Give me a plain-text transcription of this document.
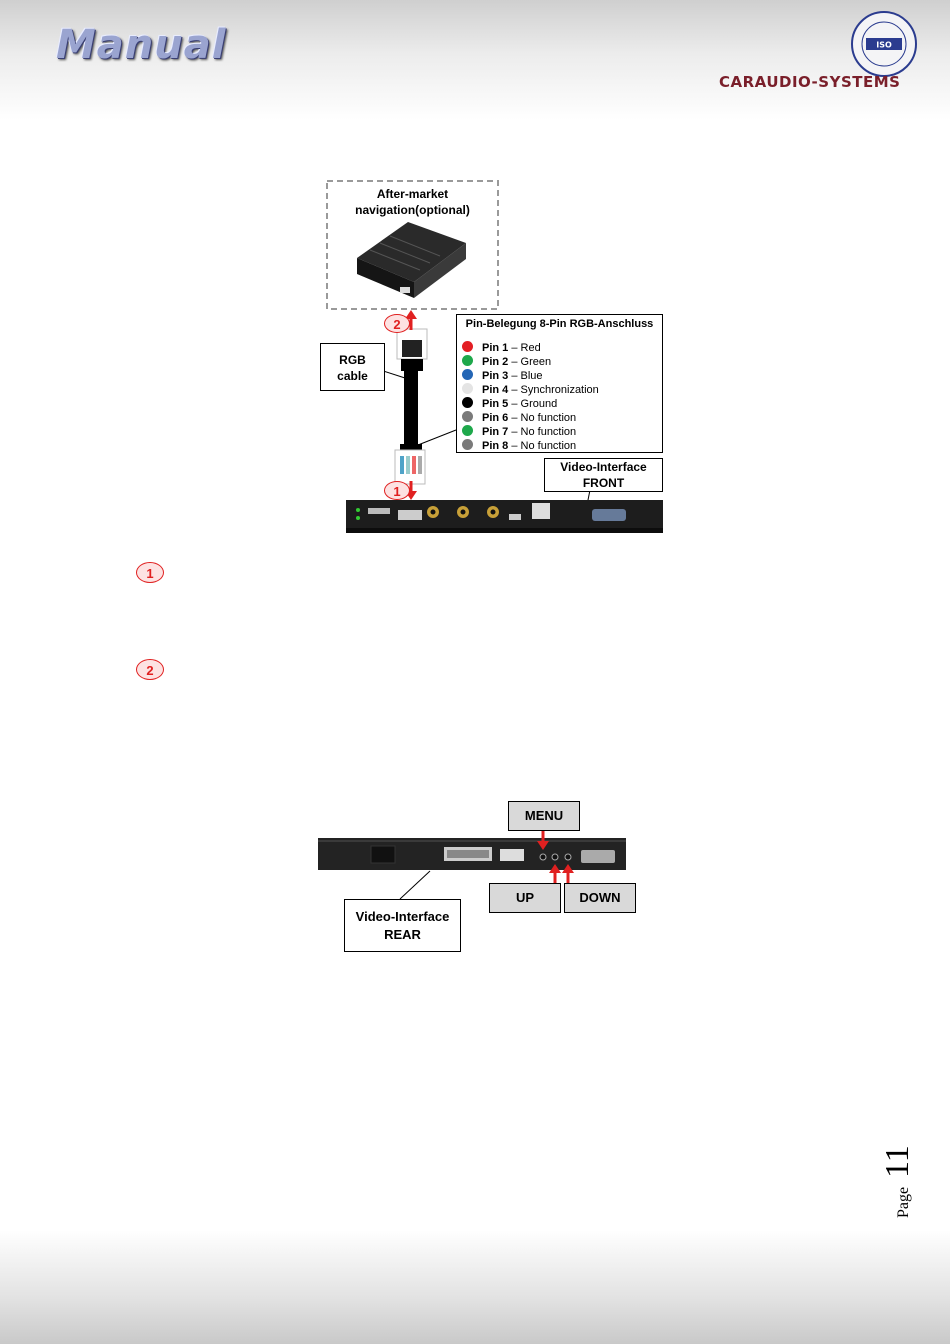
Manual	ISO
CARAUDIO-SYSTEMS
After-market navigation(optional)
RGB
cable
2
1
Pin-Belegung 8-Pin RGB-Anschluss
Pin 1 – Red
Pin 2 – Green
Pin 3 – Blue
Pin 4 – Synchronization
Pin 5 – Ground
Pin 6 – No function
Pin 7 – No function
Pin 8 – No function
Video-Interface
FRONT
1
2
MENU
UP	DOWN
Video-Interface
REAR
Page
11
